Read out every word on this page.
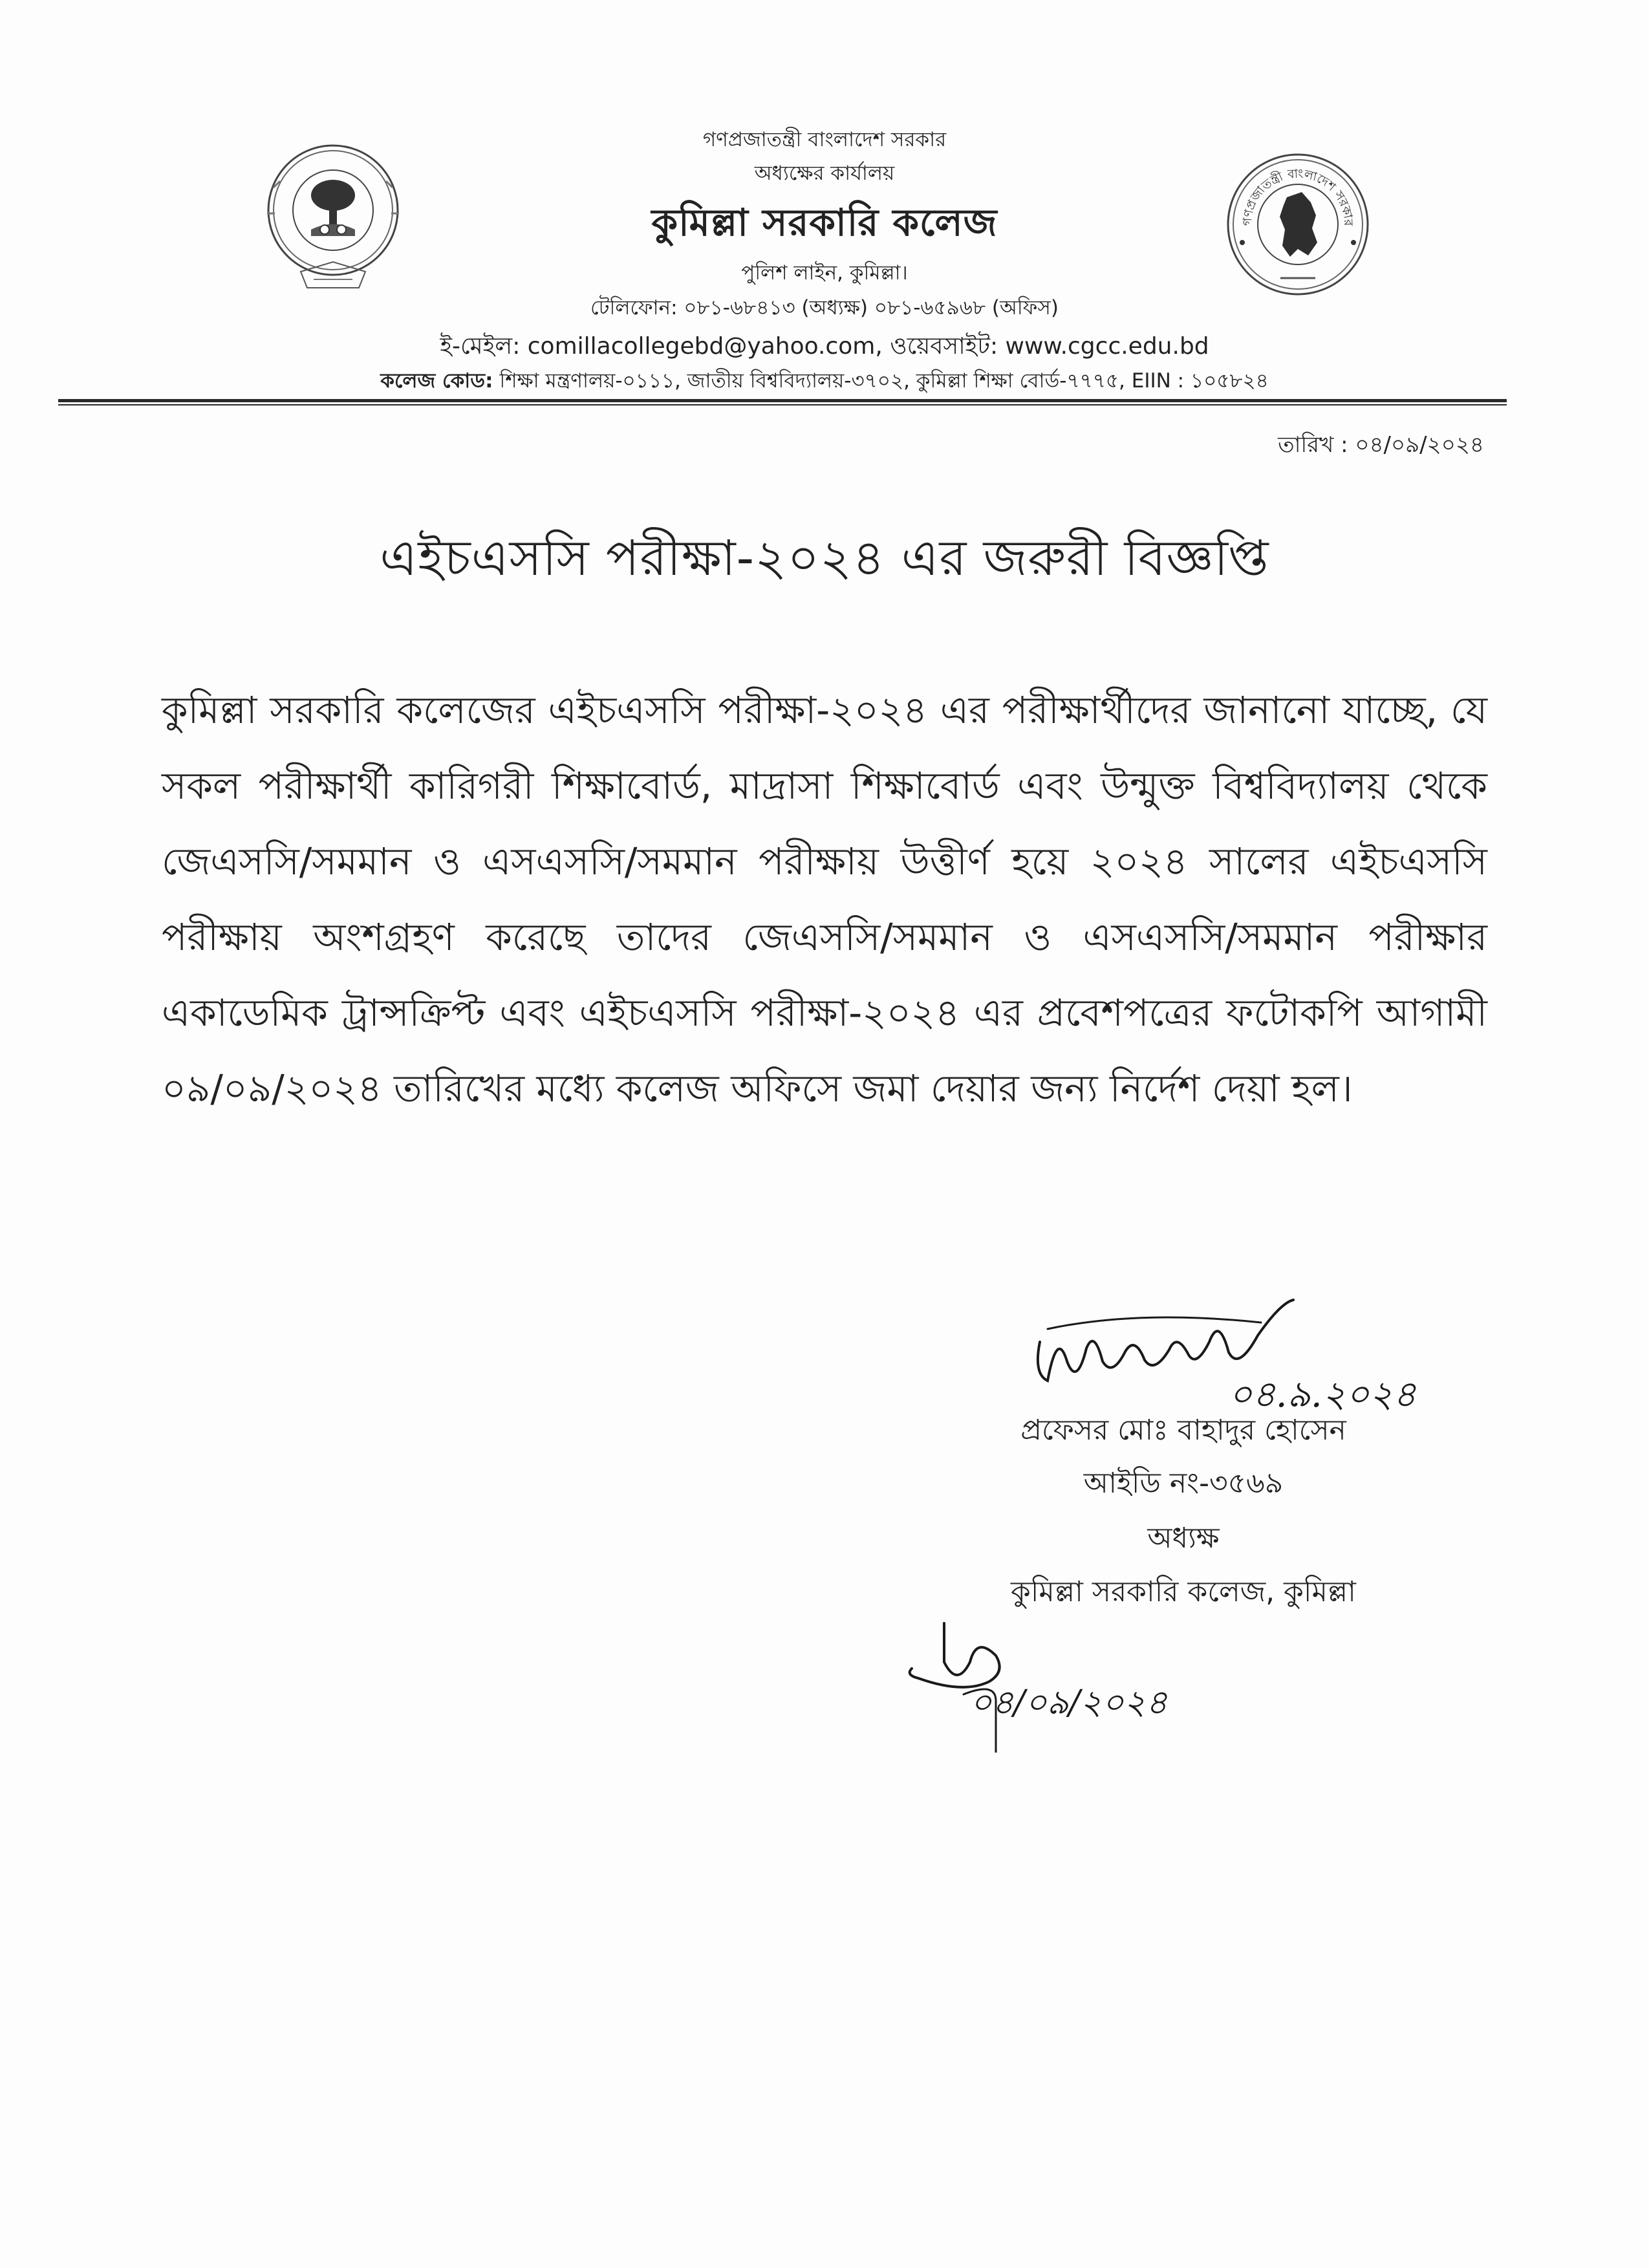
গণপ্রজাতন্ত্রী বাংলাদেশ সরকার
গণপ্রজাতন্ত্রী বাংলাদেশ সরকার
অধ্যক্ষের কার্যালয়
কুমিল্লা সরকারি কলেজ
পুলিশ লাইন, কুমিল্লা।
টেলিফোন: ০৮১-৬৮৪১৩ (অধ্যক্ষ) ০৮১-৬৫৯৬৮ (অফিস)
ই-মেইল: comillacollegebd@yahoo.com, ওয়েবসাইট: www.cgcc.edu.bd
কলেজ কোড: শিক্ষা মন্ত্রণালয়-০১১১, জাতীয় বিশ্ববিদ্যালয়-৩৭০২, কুমিল্লা শিক্ষা বোর্ড-৭৭৭৫, EIIN : ১০৫৮২৪
তারিখ : ০৪/০৯/২০২৪
এইচএসসি পরীক্ষা-২০২৪ এর জরুরী বিজ্ঞপ্তি
কুমিল্লা সরকারি কলেজের এইচএসসি পরীক্ষা-২০২৪ এর পরীক্ষার্থীদের জানানো যাচ্ছে, যে সকল পরীক্ষার্থী কারিগরী শিক্ষাবোর্ড, মাদ্রাসা শিক্ষাবোর্ড এবং উন্মুক্ত বিশ্ববিদ্যালয় থেকে জেএসসি/সমমান ও এসএসসি/সমমান পরীক্ষায় উত্তীর্ণ হয়ে ২০২৪ সালের এইচএসসি পরীক্ষায় অংশগ্রহণ করেছে তাদের জেএসসি/সমমান ও এসএসসি/সমমান পরীক্ষার একাডেমিক ট্রান্সক্রিপ্ট এবং এইচএসসি পরীক্ষা-২০২৪ এর প্রবেশপত্রের ফটোকপি আগামী ০৯/০৯/২০২৪ তারিখের মধ্যে কলেজ অফিসে জমা দেয়ার জন্য নির্দেশ দেয়া হল।
০৪.৯.২০২৪
প্রফেসর মোঃ বাহাদুর হোসেন
আইডি নং-৩৫৬৯
অধ্যক্ষ
কুমিল্লা সরকারি কলেজ, কুমিল্লা
০৪/০৯/২০২৪
